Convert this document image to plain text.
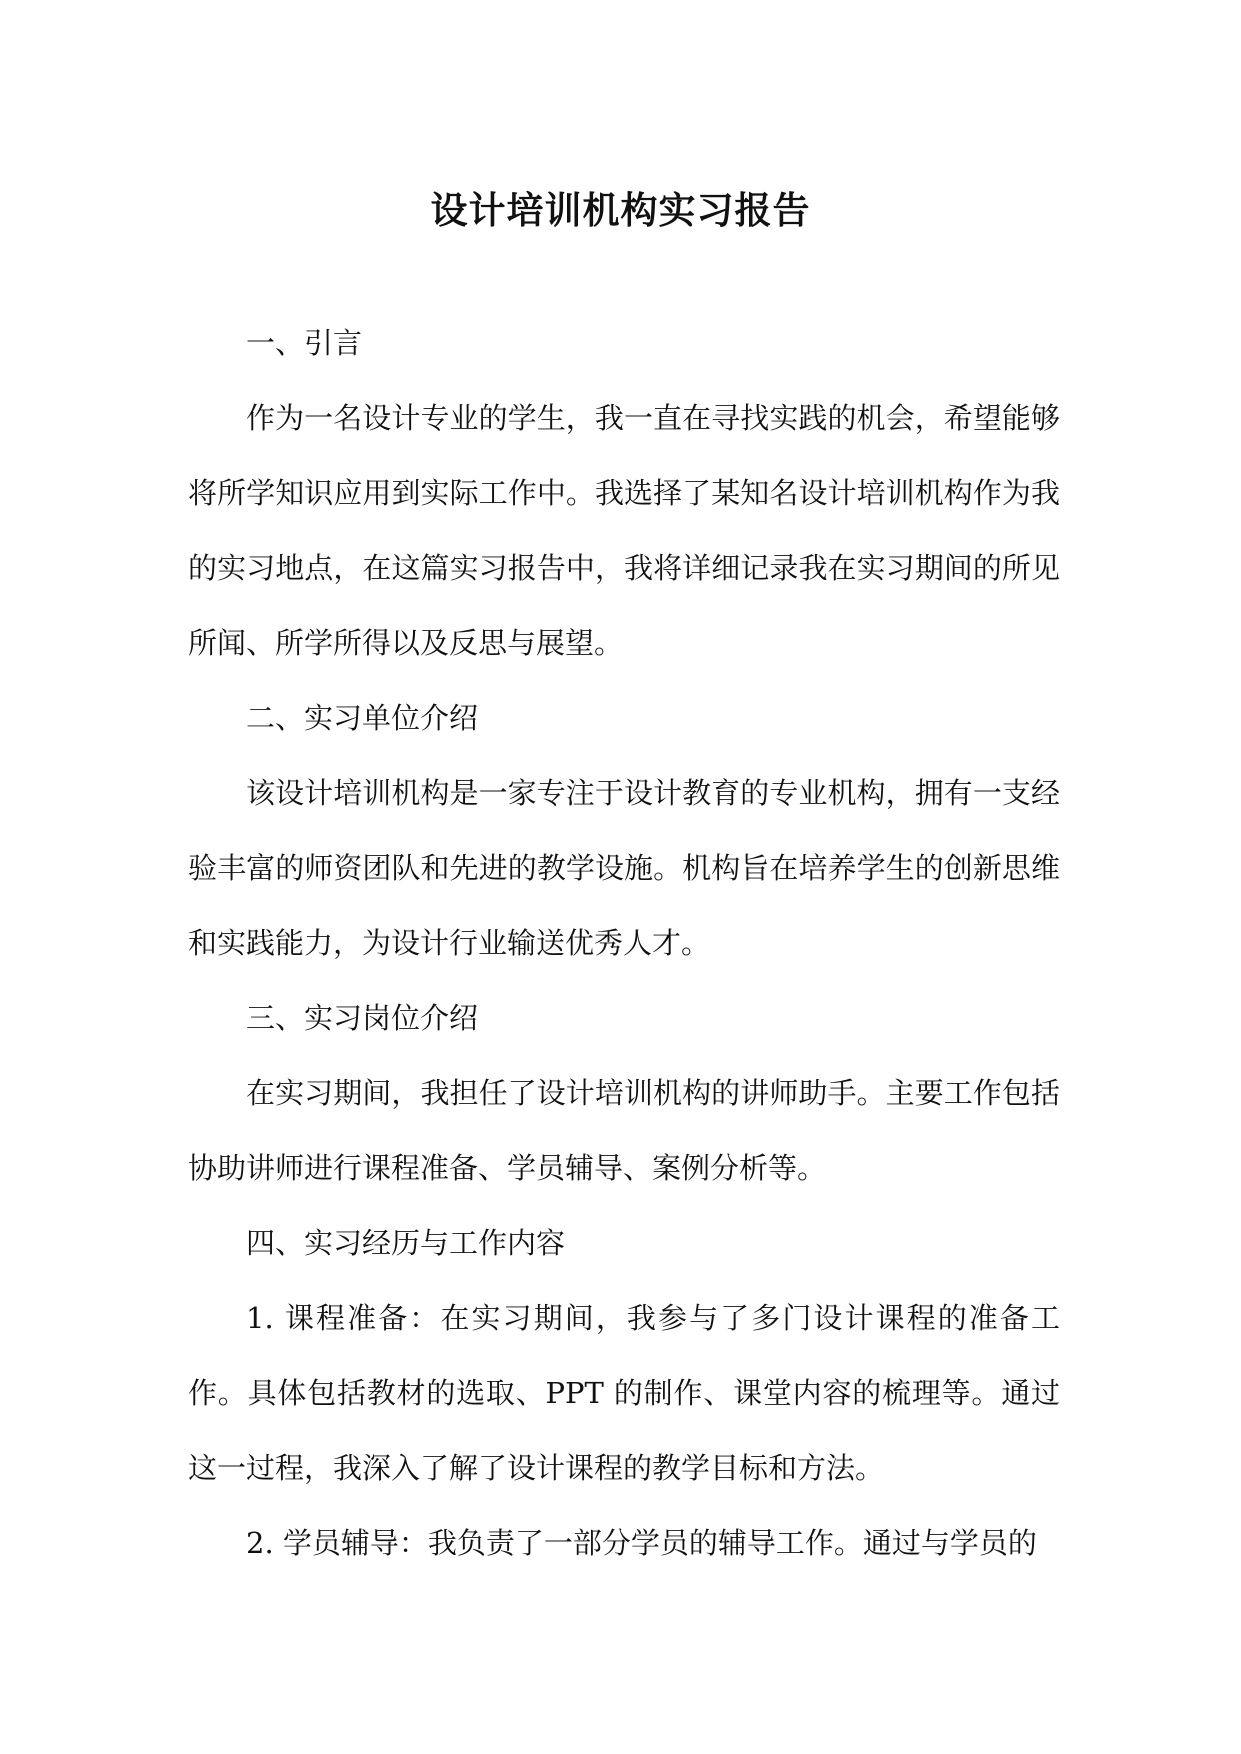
设计培训机构实习报告

一、引言

作为一名设计专业的学生，我一直在寻找实践的机会，希望能够将所学知识应用到实际工作中。我选择了某知名设计培训机构作为我的实习地点，在这篇实习报告中，我将详细记录我在实习期间的所见所闻、所学所得以及反思与展望。

二、实习单位介绍

该设计培训机构是一家专注于设计教育的专业机构，拥有一支经验丰富的师资团队和先进的教学设施。机构旨在培养学生的创新思维和实践能力，为设计行业输送优秀人才。

三、实习岗位介绍

在实习期间，我担任了设计培训机构的讲师助手。主要工作包括协助讲师进行课程准备、学员辅导、案例分析等。

四、实习经历与工作内容

1. 课程准备：在实习期间，我参与了多门设计课程的准备工作。具体包括教材的选取、PPT 的制作、课堂内容的梳理等。通过这一过程，我深入了解了设计课程的教学目标和方法。

2. 学员辅导：我负责了一部分学员的辅导工作。通过与学员的
